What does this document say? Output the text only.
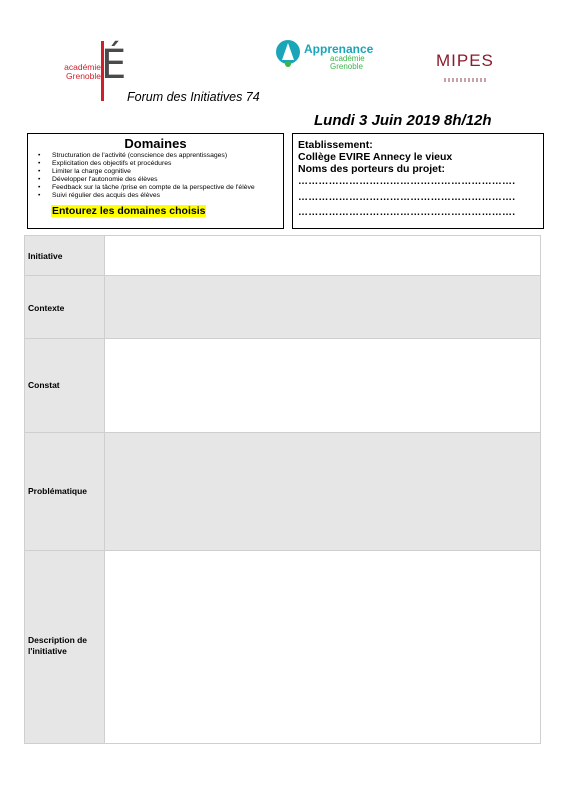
académie
Grenoble É	Apprenance
académie
Grenoble	MIPES
Forum des Initiatives 74
Lundi 3 Juin 2019 8h/12h
Domaines
• Structuration de l'activité (conscience des apprentissages)
• Explicitation des objectifs et procédures
• Limiter la charge cognitive
• Développer l'autonomie des élèves
• Feedback sur la tâche /prise en compte de la perspective de l'élève
• Suivi régulier des acquis des élèves
Entourez les domaines choisis
Etablissement:
Collège EVIRE Annecy le vieux
Noms des porteurs du projet:
……………………………………………………….
……………………………………………………….
……………………………………………………….
Initiative
Contexte
Constat
Problématique
Description de l'initiative
